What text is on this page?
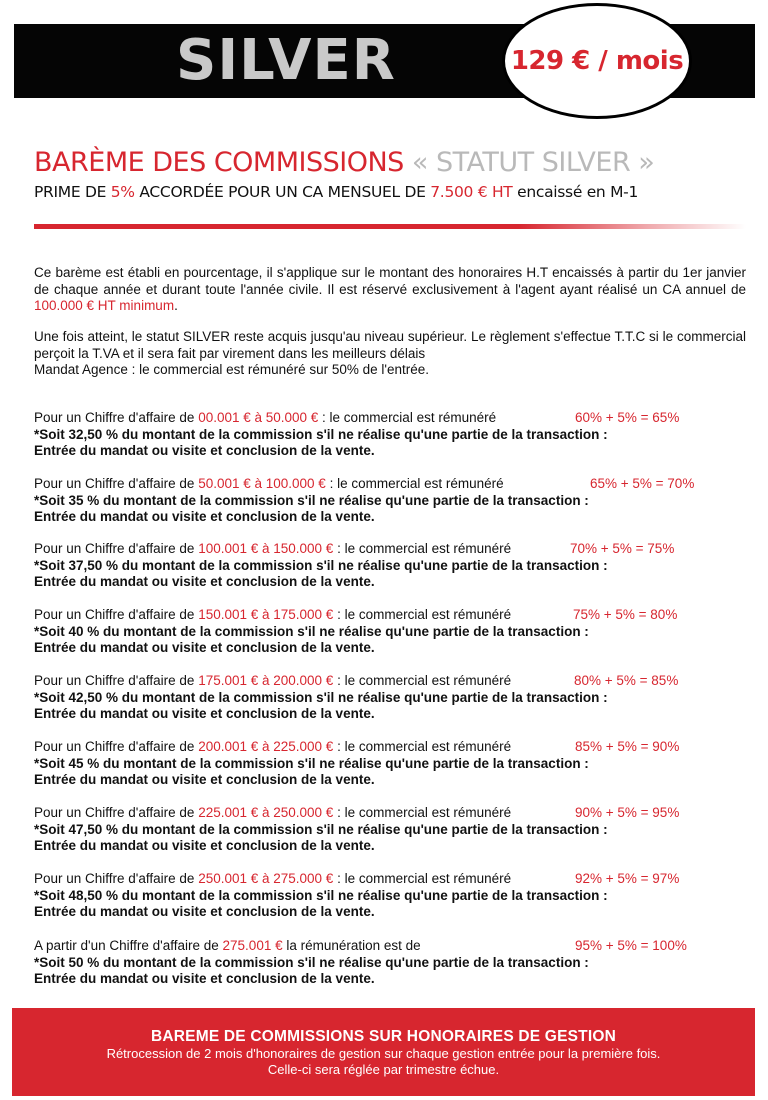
SILVER	129 € / mois
BARÈME DES COMMISSIONS « STATUT SILVER »
PRIME DE 5% ACCORDÉE POUR UN CA MENSUEL DE 7.500 € HT encaissé en M-1
Ce barème est établi en pourcentage, il s'applique sur le montant des honoraires H.T encaissés à partir du 1er janvier de chaque année et durant toute l'année civile. Il est réservé exclusivement à l'agent ayant réalisé un CA annuel de 100.000 € HT minimum.
Une fois atteint, le statut SILVER reste acquis jusqu'au niveau supérieur. Le règlement s'effectue T.T.C si le commercial perçoit la T.VA et il sera fait par virement dans les meilleurs délais
Mandat Agence : le commercial est rémunéré sur 50% de l'entrée.
Pour un Chiffre d'affaire de 00.001 € à 50.000 € : le commercial est rémunéré	60% + 5% = 65%
*Soit 32,50 % du montant de la commission s'il ne réalise qu'une partie de la transaction :
Entrée du mandat ou visite et conclusion de la vente.
Pour un Chiffre d'affaire de 50.001 € à 100.000 € : le commercial est rémunéré	65% + 5% = 70%
*Soit 35 % du montant de la commission s'il ne réalise qu'une partie de la transaction :
Entrée du mandat ou visite et conclusion de la vente.
Pour un Chiffre d'affaire de 100.001 € à 150.000 € : le commercial est rémunéré	70% + 5% = 75%
*Soit 37,50 % du montant de la commission s'il ne réalise qu'une partie de la transaction :
Entrée du mandat ou visite et conclusion de la vente.
Pour un Chiffre d'affaire de 150.001 € à 175.000 € : le commercial est rémunéré	75% + 5% = 80%
*Soit 40 % du montant de la commission s'il ne réalise qu'une partie de la transaction :
Entrée du mandat ou visite et conclusion de la vente.
Pour un Chiffre d'affaire de 175.001 € à 200.000 € : le commercial est rémunéré	80% + 5% = 85%
*Soit 42,50 % du montant de la commission s'il ne réalise qu'une partie de la transaction :
Entrée du mandat ou visite et conclusion de la vente.
Pour un Chiffre d'affaire de 200.001 € à 225.000 € : le commercial est rémunéré	85% + 5% = 90%
*Soit 45 % du montant de la commission s'il ne réalise qu'une partie de la transaction :
Entrée du mandat ou visite et conclusion de la vente.
Pour un Chiffre d'affaire de 225.001 € à 250.000 € : le commercial est rémunéré	90% + 5% = 95%
*Soit 47,50 % du montant de la commission s'il ne réalise qu'une partie de la transaction :
Entrée du mandat ou visite et conclusion de la vente.
Pour un Chiffre d'affaire de 250.001 € à 275.000 € : le commercial est rémunéré	92% + 5% = 97%
*Soit 48,50 % du montant de la commission s'il ne réalise qu'une partie de la transaction :
Entrée du mandat ou visite et conclusion de la vente.
A partir d'un Chiffre d'affaire de 275.001 € la rémunération est de	95% + 5% = 100%
*Soit 50 % du montant de la commission s'il ne réalise qu'une partie de la transaction :
Entrée du mandat ou visite et conclusion de la vente.
BAREME DE COMMISSIONS SUR HONORAIRES DE GESTION
Rétrocession de 2 mois d'honoraires de gestion sur chaque gestion entrée pour la première fois.
Celle-ci sera réglée par trimestre échue.
